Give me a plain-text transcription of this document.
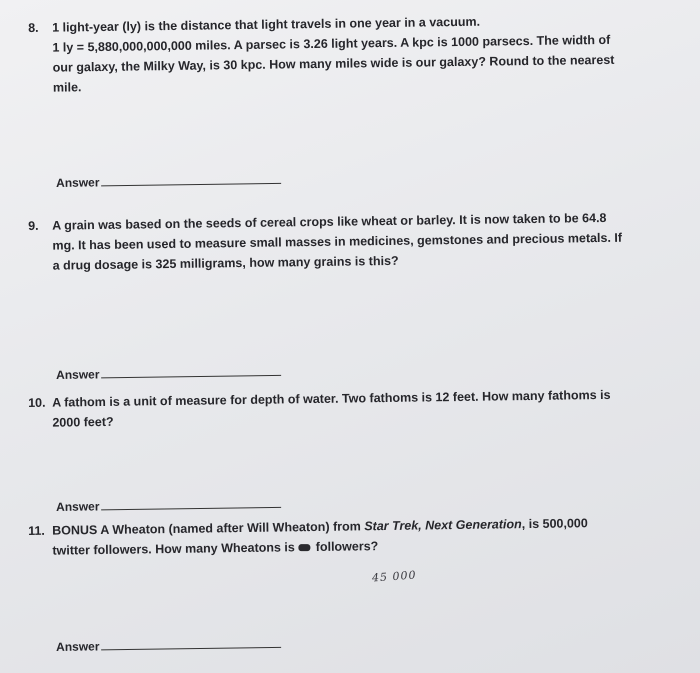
8. 1 light-year (ly) is the distance that light travels in one year in a vacuum.

1 ly = 5,880,000,000,000 miles. A parsec is 3.26 light years. A kpc is 1000 parsecs. The width of

our galaxy, the Milky Way, is 30 kpc. How many miles wide is our galaxy? Round to the nearest

mile.

Answer
9. A grain was based on the seeds of cereal crops like wheat or barley. It is now taken to be 64.8

mg. It has been used to measure small masses in medicines, gemstones and precious metals. If

a drug dosage is 325 milligrams, how many grains is this?

Answer
10. A fathom is a unit of measure for depth of water. Two fathoms is 12 feet. How many fathoms is

2000 feet?

Answer
11. BONUS A Wheaton (named after Will Wheaton) from Star Trek, Next Generation, is 500,000

twitter followers. How many Wheatons is  followers?

45 000
Answer
